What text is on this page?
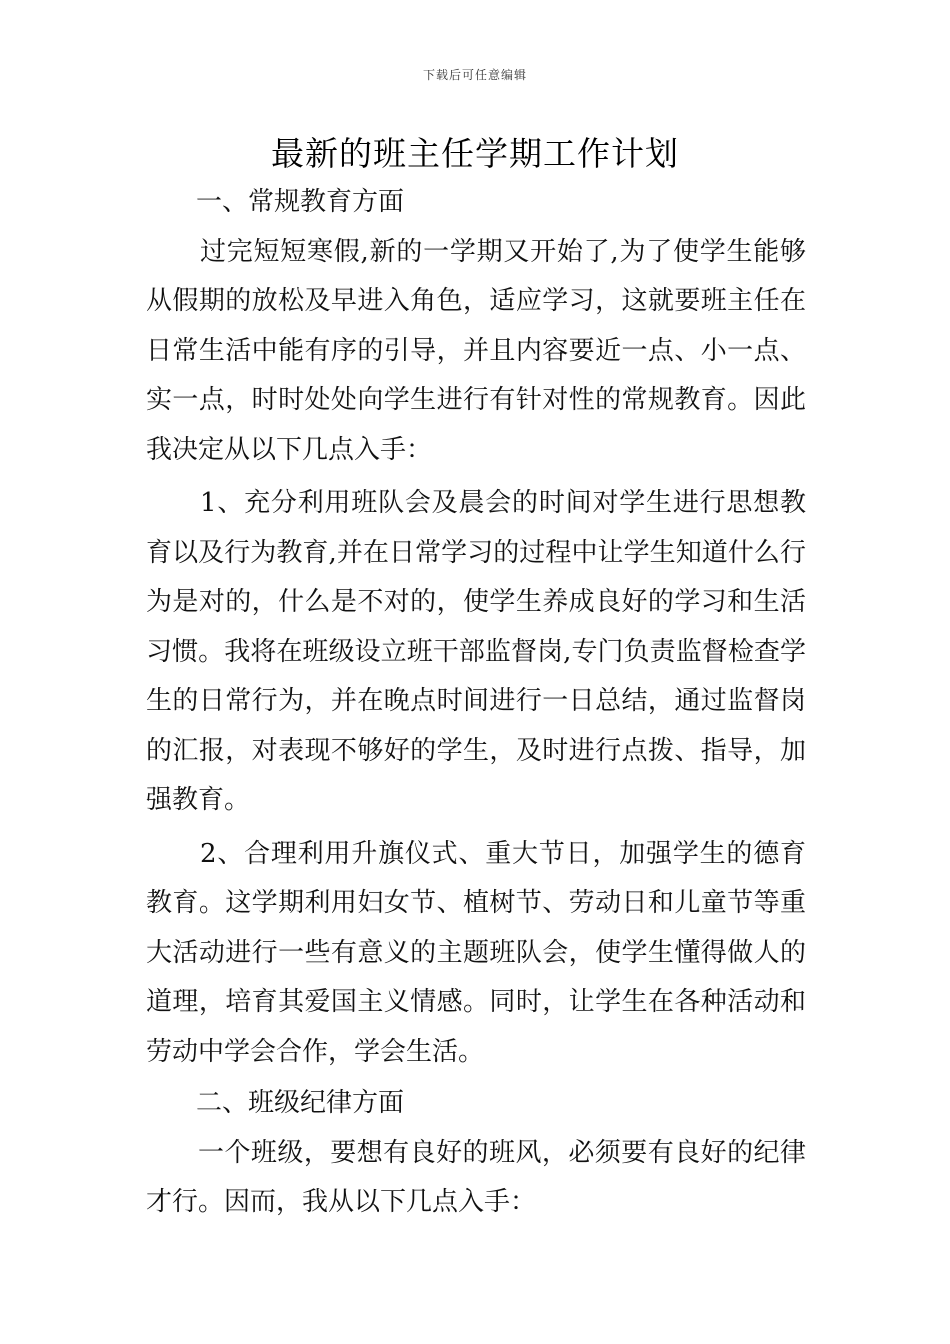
下载后可任意编辑
最新的班主任学期工作计划

一、常规教育方面

过完短短寒假,新的一学期又开始了,为了使学生能够从假期的放松及早进入角色，适应学习，这就要班主任在日常生活中能有序的引导，并且内容要近一点、小一点、实一点，时时处处向学生进行有针对性的常规教育。因此我决定从以下几点入手：

1、充分利用班队会及晨会的时间对学生进行思想教育以及行为教育,并在日常学习的过程中让学生知道什么行为是对的，什么是不对的，使学生养成良好的学习和生活习惯。我将在班级设立班干部监督岗,专门负责监督检查学生的日常行为，并在晚点时间进行一日总结，通过监督岗的汇报，对表现不够好的学生，及时进行点拨、指导，加强教育。

2、合理利用升旗仪式、重大节日，加强学生的德育教育。这学期利用妇女节、植树节、劳动日和儿童节等重大活动进行一些有意义的主题班队会，使学生懂得做人的道理，培育其爱国主义情感。同时，让学生在各种活动和劳动中学会合作，学会生活。

二、班级纪律方面

一个班级，要想有良好的班风，必须要有良好的纪律才行。因而，我从以下几点入手：
